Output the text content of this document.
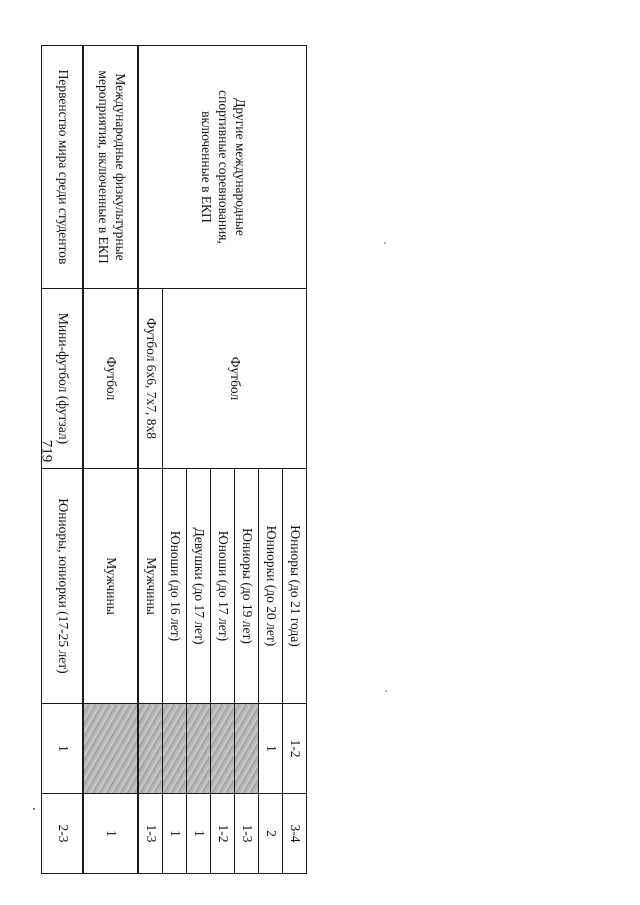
719
Другие международные
спортивные соревнования,
включенные в ЕКП	Футбол	Юниоры (до 21 года)	1-2	3-4
		Юниорки (до 20 лет)	1	2
		Юниоры (до 19 лет)		1-3
		Юноши (до 17 лет)		1-2
		Девушки (до 17 лет)		1
		Юноши (до 16 лет)		1
	Футбол 6x6, 7x7, 8x8	Мужчины		1-3

Международные физкультурные
мероприятия, включенные в ЕКП	Футбол	Мужчины		1
Первенство мира среди студентов	Мини-футбол (футзал)	Юниоры, юниорки (17-25 лет)	1	2-3
